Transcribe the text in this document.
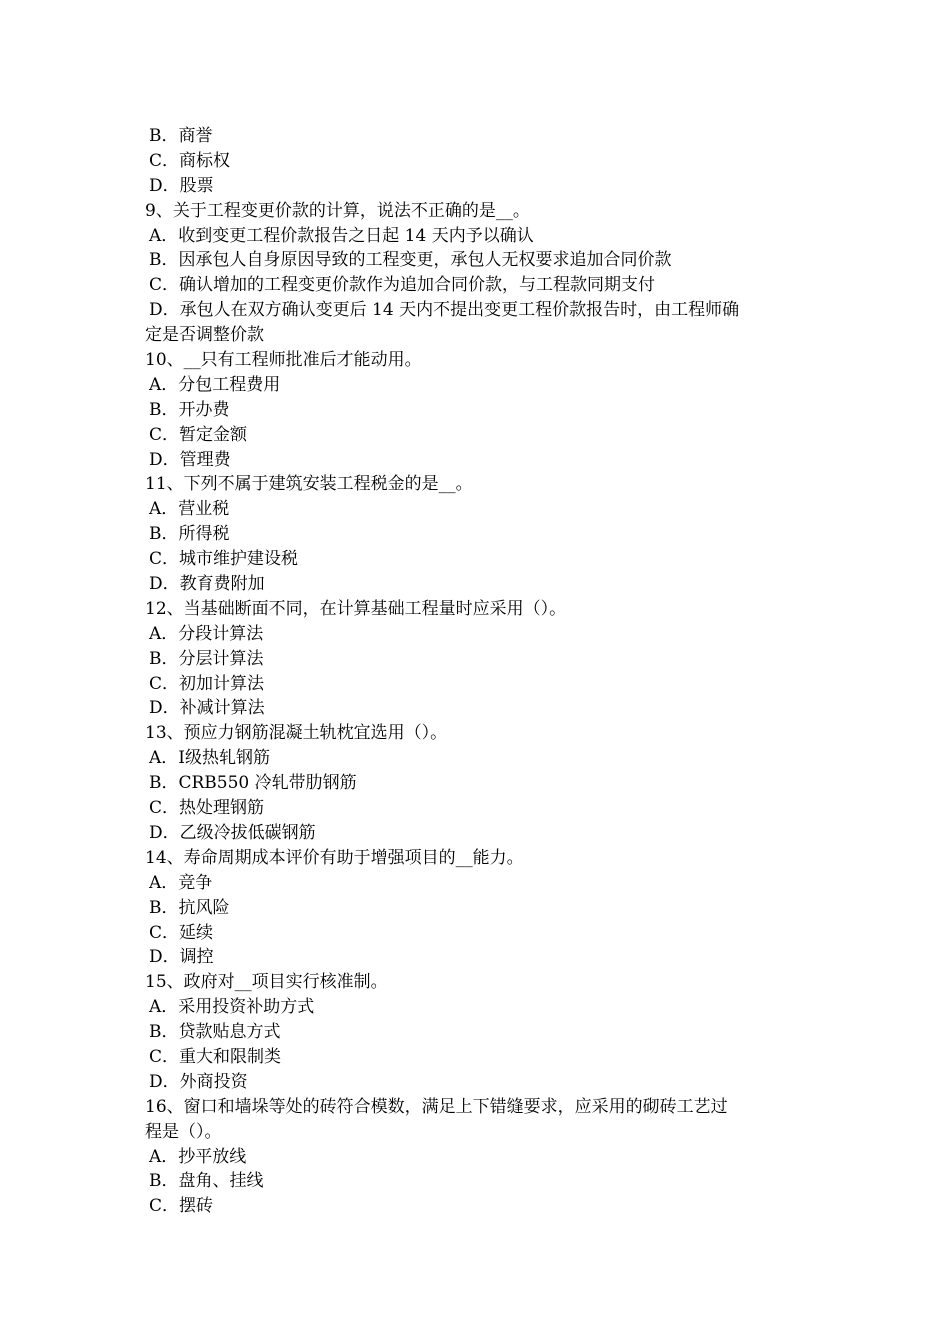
B．商誉
C．商标权
D．股票
9、关于工程变更价款的计算，说法不正确的是__。
A．收到变更工程价款报告之日起 14 天内予以确认
B．因承包人自身原因导致的工程变更，承包人无权要求追加合同价款
C．确认增加的工程变更价款作为追加合同价款，与工程款同期支付
D．承包人在双方确认变更后 14 天内不提出变更工程价款报告时，由工程师确
定是否调整价款
10、__只有工程师批准后才能动用。
A．分包工程费用
B．开办费
C．暂定金额
D．管理费
11、下列不属于建筑安装工程税金的是__。
A．营业税
B．所得税
C．城市维护建设税
D．教育费附加
12、当基础断面不同，在计算基础工程量时应采用（）。
A．分段计算法
B．分层计算法
C．初加计算法
D．补减计算法
13、预应力钢筋混凝土轨枕宜选用（）。
A．Ⅰ级热轧钢筋
B．CRB550 冷轧带肋钢筋
C．热处理钢筋
D．乙级冷拔低碳钢筋
14、寿命周期成本评价有助于增强项目的__能力。
A．竞争
B．抗风险
C．延续
D．调控
15、政府对__项目实行核准制。
A．采用投资补助方式
B．贷款贴息方式
C．重大和限制类
D．外商投资
16、窗口和墙垛等处的砖符合模数，满足上下错缝要求，应采用的砌砖工艺过
程是（）。
A．抄平放线
B．盘角、挂线
C．摆砖
